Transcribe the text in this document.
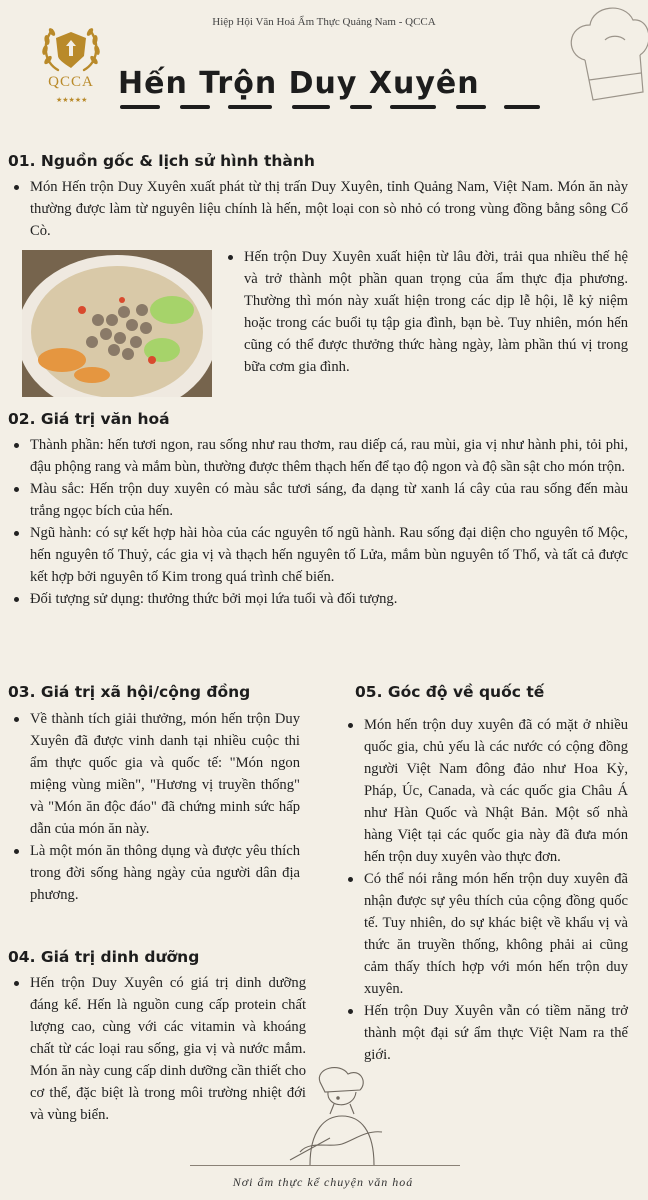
Hiệp Hội Văn Hoá Ẩm Thực Quảng Nam - QCCA
★★★★★
QCCA Hến Trộn Duy Xuyên
01. Nguồn gốc & lịch sử hình thành
Món Hến trộn Duy Xuyên xuất phát từ thị trấn Duy Xuyên, tỉnh Quảng Nam, Việt Nam. Món ăn này thường được làm từ nguyên liệu chính là hến, một loại con sò nhỏ có trong vùng đồng bằng sông Cổ Cò.
Hến trộn Duy Xuyên xuất hiện từ lâu đời, trải qua nhiều thế hệ và trở thành một phần quan trọng của ẩm thực địa phương. Thường thì món này xuất hiện trong các dịp lễ hội, lễ kỷ niệm hoặc trong các buổi tụ tập gia đình, bạn bè. Tuy nhiên, món hến cũng có thể được thưởng thức hàng ngày, làm phần thú vị trong bữa cơm gia đình.
02. Giá trị văn hoá
Thành phần: hến tươi ngon, rau sống như rau thơm, rau diếp cá, rau mùi, gia vị như hành phi, tỏi phi, đậu phộng rang và mắm bùn, thường được thêm thạch hến để tạo độ ngon và độ sần sật cho món trộn.
Màu sắc: Hến trộn duy xuyên có màu sắc tươi sáng, đa dạng từ xanh lá cây của rau sống đến màu trắng ngọc bích của hến.
Ngũ hành: có sự kết hợp hài hòa của các nguyên tố ngũ hành. Rau sống đại diện cho nguyên tố Mộc, hến nguyên tố Thuỷ, các gia vị và thạch hến nguyên tố Lửa, mắm bùn nguyên tố Thổ, và tất cả được kết hợp bởi nguyên tố Kim trong quá trình chế biến.
Đối tượng sử dụng: thưởng thức bởi mọi lứa tuổi và đối tượng.
03. Giá trị xã hội/cộng đồng
Về thành tích giải thưởng, món hến trộn Duy Xuyên đã được vinh danh tại nhiều cuộc thi ẩm thực quốc gia và quốc tế: "Món ngon miệng vùng miền", "Hương vị truyền thống" và "Món ăn độc đáo" đã chứng minh sức hấp dẫn của món ăn này.
Là một món ăn thông dụng và được yêu thích trong đời sống hàng ngày của người dân địa phương.
04. Giá trị dinh dưỡng
Hến trộn Duy Xuyên có giá trị dinh dưỡng đáng kể. Hến là nguồn cung cấp protein chất lượng cao, cùng với các vitamin và khoáng chất từ các loại rau sống, gia vị và nước mắm. Món ăn này cung cấp dinh dưỡng cần thiết cho cơ thể, đặc biệt là trong môi trường nhiệt đới và vùng biển.
05. Góc độ về quốc tế
Món hến trộn duy xuyên đã có mặt ở nhiều quốc gia, chủ yếu là các nước có cộng đồng người Việt Nam đông đảo như Hoa Kỳ, Pháp, Úc, Canada, và các quốc gia Châu Á như Hàn Quốc và Nhật Bản. Một số nhà hàng Việt tại các quốc gia này đã đưa món hến trộn duy xuyên vào thực đơn.
Có thể nói rằng món hến trộn duy xuyên đã nhận được sự yêu thích của cộng đồng quốc tế. Tuy nhiên, do sự khác biệt về khẩu vị và thức ăn truyền thống, không phải ai cũng cảm thấy thích hợp với món hến trộn duy xuyên.
Hến trộn Duy Xuyên vẫn có tiềm năng trở thành một đại sứ ẩm thực Việt Nam ra thế giới.
Nơi ẩm thực kể chuyện văn hoá
